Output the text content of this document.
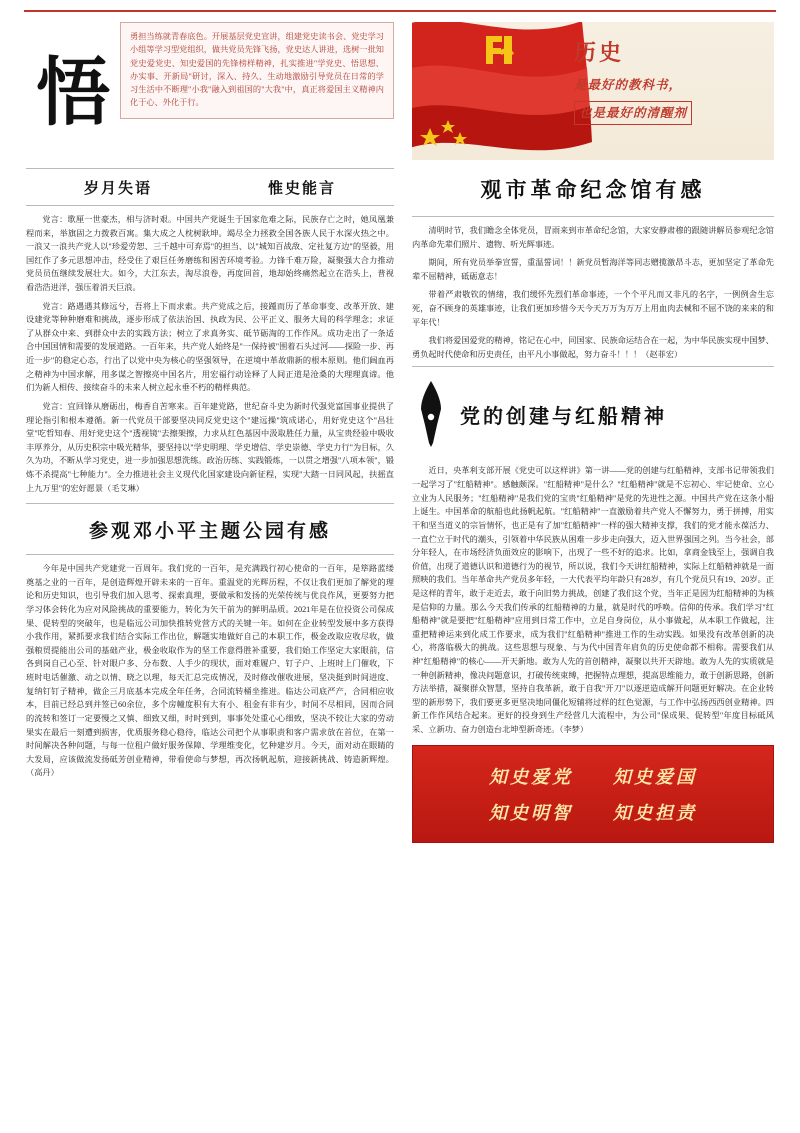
悟

勇担当练就青春底色。开展基层党史宣讲，组建党史读书会、党史学习小组等学习型党组织，做共党员先锋飞扬，党史达人讲进，选树一批知党史爱党史、知史爱国的先锋榜样精神，扎实推进"学党史、悟思想、办实事、开新局"研讨，深入、持久、生动地激励引导党员在日常的学习生活中不断理"小我"融入到祖国的"大我"中，真正将爱国主义精神内化于心、外化于行。

岁月失语	惟史能言

党言：歌厘一世豪杰，相与济时艰。中国共产党诞生于国家危难之际，民族存亡之时，她凤凰兼程而来，举旗固之力拨救百寓。集大成之人枕树耿坤。竭尽全力拯救全国各族人民于水深火热之中。一浪又一浪共产党人以"珍爱劳恕、三千越中可弃焉"的担当、以"城知百战敌、定社复方边"的坚毅，用国红作了多元思想冲击，经受住了艰巨任务磨练和困苦环境考验。力锋千难万险，凝聚强大合力推动党员员伍继续发展壮大。如今，大江东去，淘尽浪卷，再度回首，地却始终痛然起立在浩头上，普视看浩浩进洋，强压着消天巨浪。

党言：路遇遇其修远兮，吾将上下而求索。共产党成之后，接踵而历了革命事变、改革开放、建设建党等种种磨难和挑战，逐步形成了依法治国、执政为民、公平正义、服务大局的科学理念；求证了从群众中来、到群众中去的实践方法；树立了求真务实、砥节砺淘的工作作风。成功走出了一条适合中国国情和需要的发展道路。一百年来，共产党人始终是"一保持被"围着石头过河——探险一步、再近一步"的稳定心态，行出了以党中央为核心的坚强领导，在逆境中革故鼎新的根本原则。他们阔血再之精神为中国求解，用多谋之智擦亮中国名片，用宏福行动诠释了人间正道是沧桑的大理理真谛。他们为新人相传、接续奋斗的未来人树立起永垂不朽的精样典范。

党言：宜回锋从磨砺出，梅香自苦寒来。百年建党路，世纪奋斗史为新时代强党富国事业提供了理论指引和根本遵循。新一代党员干部要坚决同反党史这个"建远操"筑成诺心，用好党史这个"昌壮堂"吃哲知春、用好党史这个"透视镜"去擦架擦，力求从红色基因中汲取胜任力量，从宝贵经验中吸收丰厚养分，从历史积宗中吸光精华，要坚持以"学史明理、学史增信、学史崇德、学史力行"为目标，久久为功，不断从学习党史，进一步加强思想洗练。政治历练、实践锻炼，一以贯之增强"八项本领"，锻炼不杀提高"七种能力"。全力推进社会主义现代化国家建设向新征程，实现"大踏一日同风起，扶摇直上九万里"的宏好愿景（毛艾琳）

参观邓小平主题公园有感

今年是中国共产党建党一百周年。我们党的一百年，是充满践行初心使命的一百年，是筚路蓝缕奠基之业的一百年，是创造辉煌开辟未来的一百年。重温党的光辉历程，不仅让我们更加了解党的理论和历史知识，也引导我们加入思考、探索真理，要做承和发扬的光荣传统与优良作风，更要努力把学习体会转化为应对风险挑战的重要能力，转化为矢干前为的鲜明品质。2021年是在位投资公司保成果、促转型的突破年，也是临远公司加快推转党营方式的关键一年。如何在企业转型发展中多方获得小我作用，紧抓要求我们结合实际工作出位，解题实地做好自己的本职工作，极金改取应收尽收，做强粮贸提能出公司的基础产业，极金收取作为的坚工作意得胜补重要，我们始工作坚定大家眼前，信各到岗自己心至、针对眼户多、分布数、人手少的现状，面对难履户、钉子户、上班时上门催收，下班时电话催激、动之以情、晓之以理，每天汇总完成情况，及时修改催收进展，坚决挺到时间进度、复纳钉钉子精神，做企三月底基本完成全年任务，合同流转桶坐推进。临达公司底严产，合同相应收本，目前已经总到并签已60余位，多个房幢度积有大有小、租金有非有少，时间不尽相同，因而合同的流转和签订一定要慢之又慎、细致又细，时时到到，事事处处重心心细致，坚决不较让大家的劳动果实在最后一刻遭到损害，优质服务稳心稳待，临达公司把个从事职责和客户需求放在首位，在第一时间解决各种问题，与每一位租户做好服务保障、学理维变化，忆种建岁月。今天，面对动在眼睛的大发局，应该做流发扬砥芳创业精神，带看使命与梦想，再次扬帆起航，迎接新挑战、铸造新辉煌。（高丹）

历史
是最好的教科书，
也是最好的清醒剂
观市革命纪念馆有感

清明时节，我们瞻念全体党员，冒雨来到市革命纪念馆，大家安静肃穆的跟随讲解员参观纪念馆内革命先辈们照片、遗物、听光辉事迹。

期间，所有党员举拳宣誓，重温誓词！！新党员暂海洋等同志赠揽激昂斗志，更加坚定了革命先辈不屈精神，砥砺意志！

带着严肃敬钦的情绪，我们缓怀先烈们革命事迹，一个个平凡而又非凡的名字，一例例舍生忘死，奋不顾身的英雄事迹，让我们更加珍惜今天今天万万为万万上用血肉去械和不屈不饶的来来的和平年代！

我们将爱国爱党的精神，铭记在心中，同国家、民族命运结合在一起，为中华民族实现中国梦、勇负起时代使命和历史责任，由平凡小事做起，努力奋斗！！！（赵菲宏）

党的创建与红船精神

近日，央革利支部开展《党史可以这样讲》第一讲——党的创建与红船精神，支部书记带领我们一起学习了"红船精神"。感触颇深。"红船精神"是什么？"红船精神"就是不忘初心、牢记使命、立心立业为人民服务；"红船精神"是我们党的宝贵"红船精神"是党的先进性之源。中国共产党在这条小船上诞生。中国革命的航船也此扬帆起航。"红船精神"一直激励着共产党人不懈努力，勇于拼搏，用实干和坚当道义的宗旨情怀，也正是有了加"红船精神"一样的强大精神支撑，我们的党才能永葆活力、一直伫立于时代的潮头，引领着中华民族从困难一步步走向强大，迈入世界强国之列。当今社会，部分年轻人，在市场经济负面效应的影响下，出现了一些不好的追求。比如，拿商金钱至上，强调自我价值，出现了道德认识和道德行为的视节，所以说，我们今天讲红船精神，实际上红船精神就是一面照映的我们。当年革命共产党员多年轻，一大代表平均年龄只有28岁，有几个党员只有19、20岁。正是这样的青年，敢于走近去，敢于向旧势力挑战，创建了我们这个党，当年正是因为红船精神的为核是信仰的力量。那么今天我们传承的红船精神的力量，就是时代的呼唤。信仰的传承。我们学习"红船精神"就是要把"红船精神"应用到日常工作中，立足自身岗位，从小事做起，从本职工作做起，注重把精神运来到化成工作要求，成为我们"红船精神"推进工作的生动实践。如果没有改革创新的决心，将落临极大的挑战。这些思想与现象、与为代中国青年肩负的历史使命都不相称。需要我们从神"红船精神"的核心——开天新地。敢为人先的首创精神，凝聚以共开天辟地。敢为人先的实质就是一种创新精神，像决问题意识，打破传统束缚，把握特点理想，提高思维能力，敢于创新思路，创新方法举措，凝聚群众智慧，坚持自我革新，敢于自我"开刀"以逐逆造成解开问题更好解决。在企业转型的新形势下，我们要更多更坚决地同僵化短辅将过样的红色觉源，与工作中弘扬西西创业精神。四新工作作风结合起来。更好的投身到生产经营几大流程中，为公司"保成果、促转型"年度目标砥风采、立新功、奋力创造台北坤型新奇迹。（李梦）

知史爱党 知史爱国
知史明智 知史担责
